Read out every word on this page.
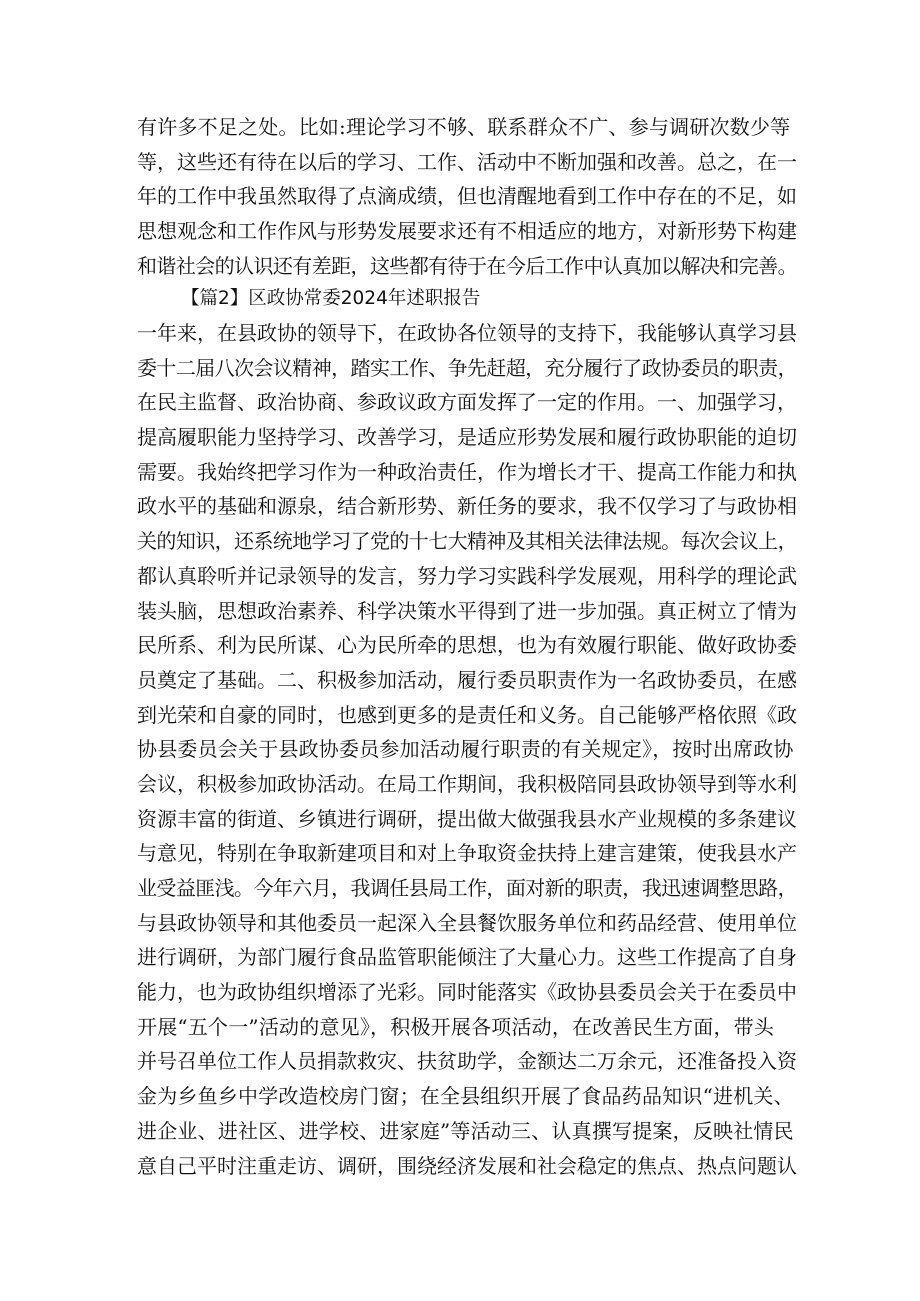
有许多不足之处。比如:理论学习不够、联系群众不广、参与调研次数少等
等，这些还有待在以后的学习、工作、活动中不断加强和改善。总之，在一
年的工作中我虽然取得了点滴成绩，但也清醒地看到工作中存在的不足，如
思想观念和工作作风与形势发展要求还有不相适应的地方，对新形势下构建
和谐社会的认识还有差距，这些都有待于在今后工作中认真加以解决和完善。
【篇2】区政协常委2024年述职报告
一年来，在县政协的领导下，在政协各位领导的支持下，我能够认真学习县
委十二届八次会议精神，踏实工作、争先赶超，充分履行了政协委员的职责，
在民主监督、政治协商、参政议政方面发挥了一定的作用。一、加强学习，
提高履职能力坚持学习、改善学习，是适应形势发展和履行政协职能的迫切
需要。我始终把学习作为一种政治责任，作为增长才干、提高工作能力和执
政水平的基础和源泉，结合新形势、新任务的要求，我不仅学习了与政协相
关的知识，还系统地学习了党的十七大精神及其相关法律法规。每次会议上，
都认真聆听并记录领导的发言，努力学习实践科学发展观，用科学的理论武
装头脑，思想政治素养、科学决策水平得到了进一步加强。真正树立了情为
民所系、利为民所谋、心为民所牵的思想，也为有效履行职能、做好政协委
员奠定了基础。二、积极参加活动，履行委员职责作为一名政协委员，在感
到光荣和自豪的同时，也感到更多的是责任和义务。自己能够严格依照《政
协县委员会关于县政协委员参加活动履行职责的有关规定》，按时出席政协
会议，积极参加政协活动。在局工作期间，我积极陪同县政协领导到等水利
资源丰富的街道、乡镇进行调研，提出做大做强我县水产业规模的多条建议
与意见，特别在争取新建项目和对上争取资金扶持上建言建策，使我县水产
业受益匪浅。今年六月，我调任县局工作，面对新的职责，我迅速调整思路，
与县政协领导和其他委员一起深入全县餐饮服务单位和药品经营、使用单位
进行调研，为部门履行食品监管职能倾注了大量心力。这些工作提高了自身
能力，也为政协组织增添了光彩。同时能落实《政协县委员会关于在委员中
开展“五个一”活动的意见》，积极开展各项活动，在改善民生方面，带头
并号召单位工作人员捐款救灾、扶贫助学，金额达二万余元，还准备投入资
金为乡鱼乡中学改造校房门窗；在全县组织开展了食品药品知识“进机关、
进企业、进社区、进学校、进家庭”等活动三、认真撰写提案，反映社情民
意自己平时注重走访、调研，围绕经济发展和社会稳定的焦点、热点问题认
